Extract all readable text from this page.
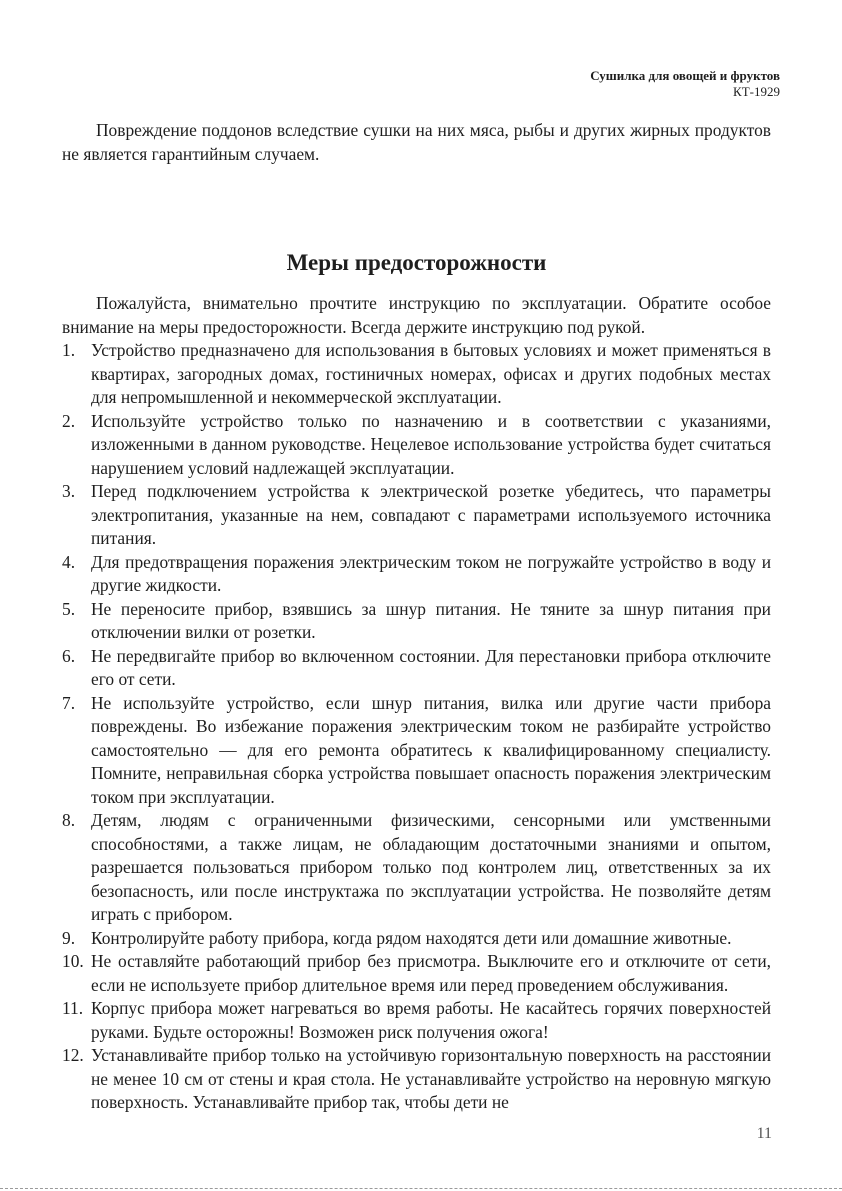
Сушилка для овощей и фруктов
КТ-1929

Повреждение поддонов вследствие сушки на них мяса, рыбы и других жирных продуктов не является гарантийным случаем.

Меры предосторожности

Пожалуйста, внимательно прочтите инструкцию по эксплуатации. Обратите особое внимание на меры предосторожности. Всегда держите инструкцию под рукой.

1. Устройство предназначено для использования в бытовых условиях и может применяться в квартирах, загородных домах, гостиничных номерах, офисах и других подобных местах для непромышленной и некоммерческой эксплуатации.
2. Используйте устройство только по назначению и в соответствии с указаниями, изложенными в данном руководстве. Нецелевое использование устройства будет считаться нарушением условий надлежащей эксплуатации.
3. Перед подключением устройства к электрической розетке убедитесь, что параметры электропитания, указанные на нем, совпадают с параметрами используемого источника питания.
4. Для предотвращения поражения электрическим током не погружайте устройство в воду и другие жидкости.
5. Не переносите прибор, взявшись за шнур питания. Не тяните за шнур питания при отключении вилки от розетки.
6. Не передвигайте прибор во включенном состоянии. Для перестановки прибора отключите его от сети.
7. Не используйте устройство, если шнур питания, вилка или другие части прибора повреждены. Во избежание поражения электрическим током не разбирайте устройство самостоятельно — для его ремонта обратитесь к квалифицированному специалисту. Помните, неправильная сборка устройства повышает опасность поражения электрическим током при эксплуатации.
8. Детям, людям с ограниченными физическими, сенсорными или умственными способностями, а также лицам, не обладающим достаточными знаниями и опытом, разрешается пользоваться прибором только под контролем лиц, ответственных за их безопасность, или после инструктажа по эксплуатации устройства. Не позволяйте детям играть с прибором.
9. Контролируйте работу прибора, когда рядом находятся дети или домашние животные.
10. Не оставляйте работающий прибор без присмотра. Выключите его и отключите от сети, если не используете прибор длительное время или перед проведением обслуживания.
11. Корпус прибора может нагреваться во время работы. Не касайтесь горячих поверхностей руками. Будьте осторожны! Возможен риск получения ожога!
12. Устанавливайте прибор только на устойчивую горизонтальную поверхность на расстоянии не менее 10 см от стены и края стола. Не устанавливайте устройство на неровную мягкую поверхность. Устанавливайте прибор так, чтобы дети не
11
